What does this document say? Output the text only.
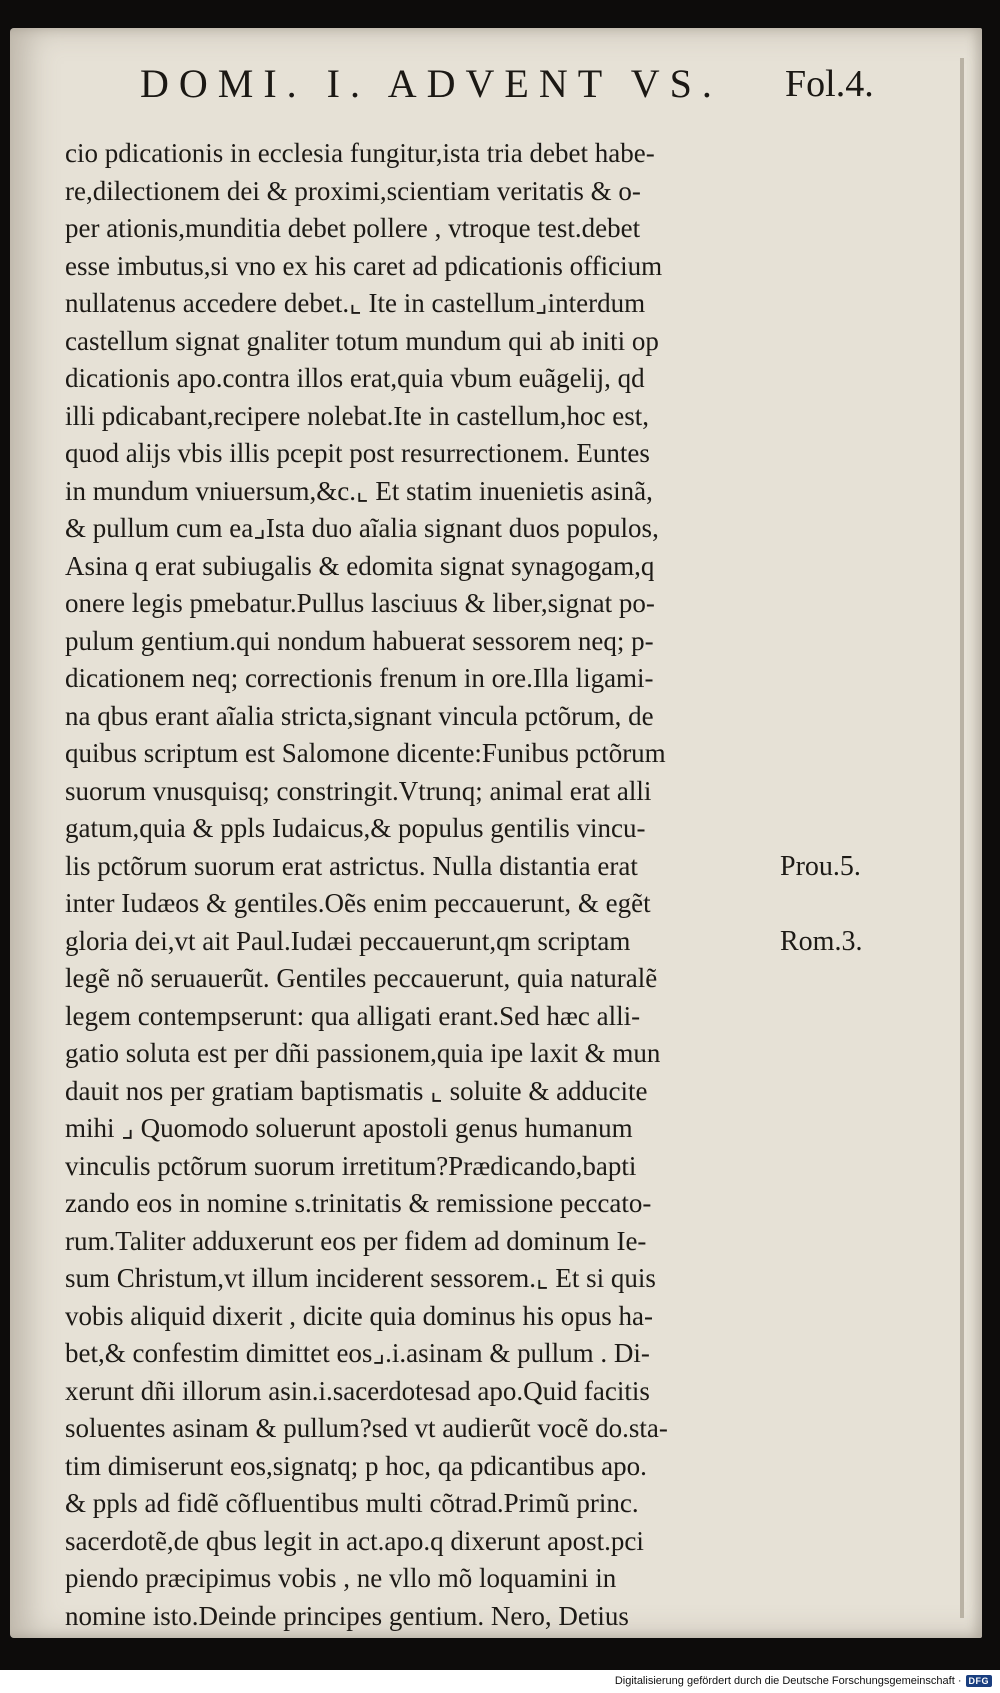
DOMI. I. ADVENT VS. Fol.4.
cio pdicationis in ecclesia fungitur,ista tria debet habe-
re,dilectionem dei & proximi,scientiam veritatis & o-
per ationis,munditia debet pollere , vtroque test.debet
esse imbutus,si vno ex his caret ad pdicationis officium
nullatenus accedere debet.⌞ Ite in castellum⌟interdum
castellum signat gnaliter totum mundum qui ab initi op
dicationis apo.contra illos erat,quia vbum euãgelij, qd
illi pdicabant,recipere nolebat.Ite in castellum,hoc est,
quod alijs vbis illis pcepit post resurrectionem. Euntes
in mundum vniuersum,&c.⌞ Et statim inuenietis asinã,
& pullum cum ea⌟Ista duo aĩalia signant duos populos,
Asina q erat subiugalis & edomita signat synagogam,q
onere legis pmebatur.Pullus lasciuus & liber,signat po-
pulum gentium.qui nondum habuerat sessorem neq; p-
dicationem neq; correctionis frenum in ore.Illa ligami-
na qbus erant aĩalia stricta,signant vincula pctõrum, de
quibus scriptum est Salomone dicente:Funibus pctõrum
suorum vnusquisq; constringit.Vtrunq; animal erat alli
gatum,quia & ppls Iudaicus,& populus gentilis vincu-
lis pctõrum suorum erat astrictus. Nulla distantia erat
inter Iudæos & gentiles.Oẽs enim peccauerunt, & egẽt
gloria dei,vt ait Paul.Iudæi peccauerunt,qm scriptam
legẽ nõ seruauerũt. Gentiles peccauerunt, quia naturalẽ
legem contempserunt: qua alligati erant.Sed hæc alli-
gatio soluta est per dñi passionem,quia ipe laxit & mun
dauit nos per gratiam baptismatis ⌞ soluite & adducite
mihi ⌟ Quomodo soluerunt apostoli genus humanum
vinculis pctõrum suorum irretitum?Prædicando,bapti
zando eos in nomine s.trinitatis & remissione peccato-
rum.Taliter adduxerunt eos per fidem ad dominum Ie-
sum Christum,vt illum inciderent sessorem.⌞ Et si quis
vobis aliquid dixerit , dicite quia dominus his opus ha-
bet,& confestim dimittet eos⌟.i.asinam & pullum . Di-
xerunt dñi illorum asin.i.sacerdotesad apo.Quid facitis
soluentes asinam & pullum?sed vt audierũt vocẽ do.sta-
tim dimiserunt eos,signatq; p hoc, qa pdicantibus apo.
& ppls ad fidẽ cõfluentibus multi cõtrad.Primũ princ.
sacerdotẽ,de qbus legit in act.apo.q dixerunt apost.pci
piendo præcipimus vobis , ne vllo mõ loquamini in
nomine isto.Deinde principes gentium. Nero, Detius
Prou.5.
Rom.3.
Digitalisierung gefördert durch die Deutsche Forschungsgemeinschaft · DFG
